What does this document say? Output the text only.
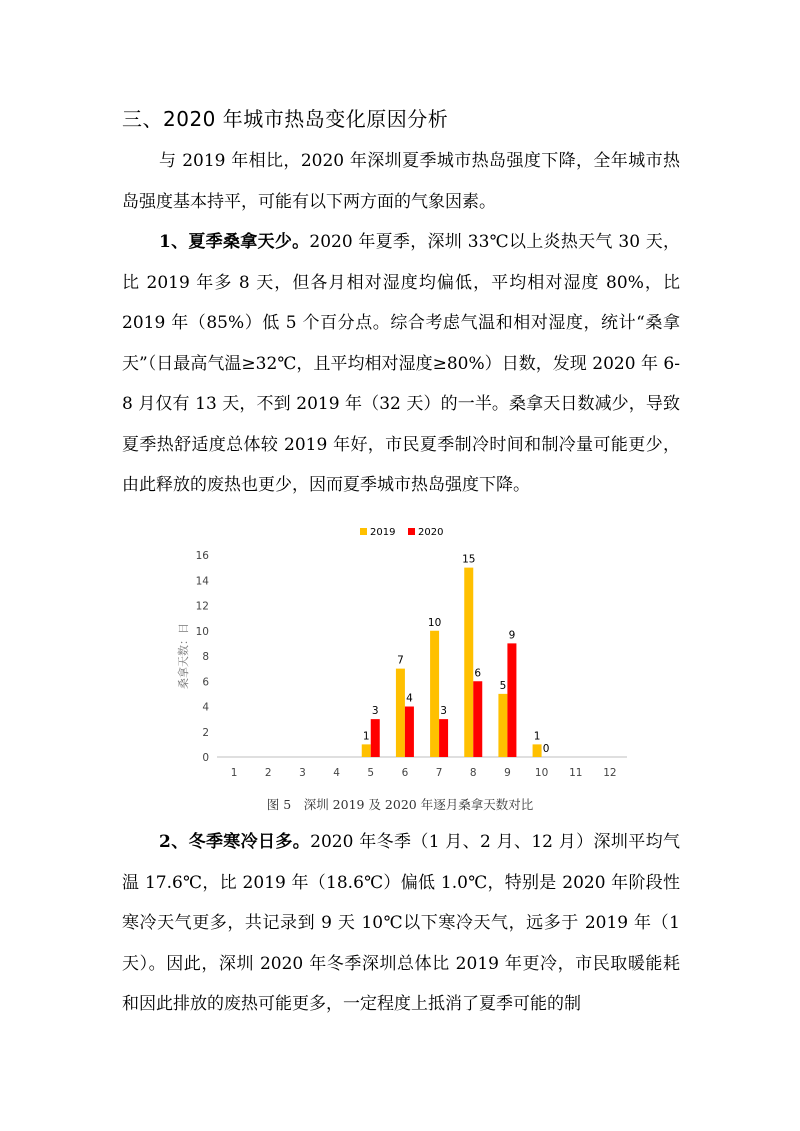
三、2020 年城市热岛变化原因分析

与 2019 年相比，2020 年深圳夏季城市热岛强度下降，全年城市热岛强度基本持平，可能有以下两方面的气象因素。

1、夏季桑拿天少。2020 年夏季，深圳 33℃以上炎热天气 30 天，比 2019 年多 8 天，但各月相对湿度均偏低，平均相对湿度 80%，比 2019 年（85%）低 5 个百分点。综合考虑气温和相对湿度，统计“桑拿天”（日最高气温≥32℃，且平均相对湿度≥80%）日数，发现 2020 年 6-8 月仅有 13 天，不到 2019 年（32 天）的一半。桑拿天日数减少，导致夏季热舒适度总体较 2019 年好，市民夏季制冷时间和制冷量可能更少，由此释放的废热也更少，因而夏季城市热岛强度下降。

2019 2020
0
2
4
6
8
10
12
14
16
桑拿天数：日
1	2	3	4	5	6	7	8	9 10 11 12
1
3
7
4
10
3
15
6
5
9
1
0
图 5　深圳 2019 及 2020 年逐月桑拿天数对比

2、冬季寒冷日多。2020 年冬季（1 月、2 月、12 月）深圳平均气温 17.6℃，比 2019 年（18.6℃）偏低 1.0℃，特别是 2020 年阶段性寒冷天气更多，共记录到 9 天 10℃以下寒冷天气，远多于 2019 年（1 天）。因此，深圳 2020 年冬季深圳总体比 2019 年更冷，市民取暖能耗和因此排放的废热可能更多，一定程度上抵消了夏季可能的制
